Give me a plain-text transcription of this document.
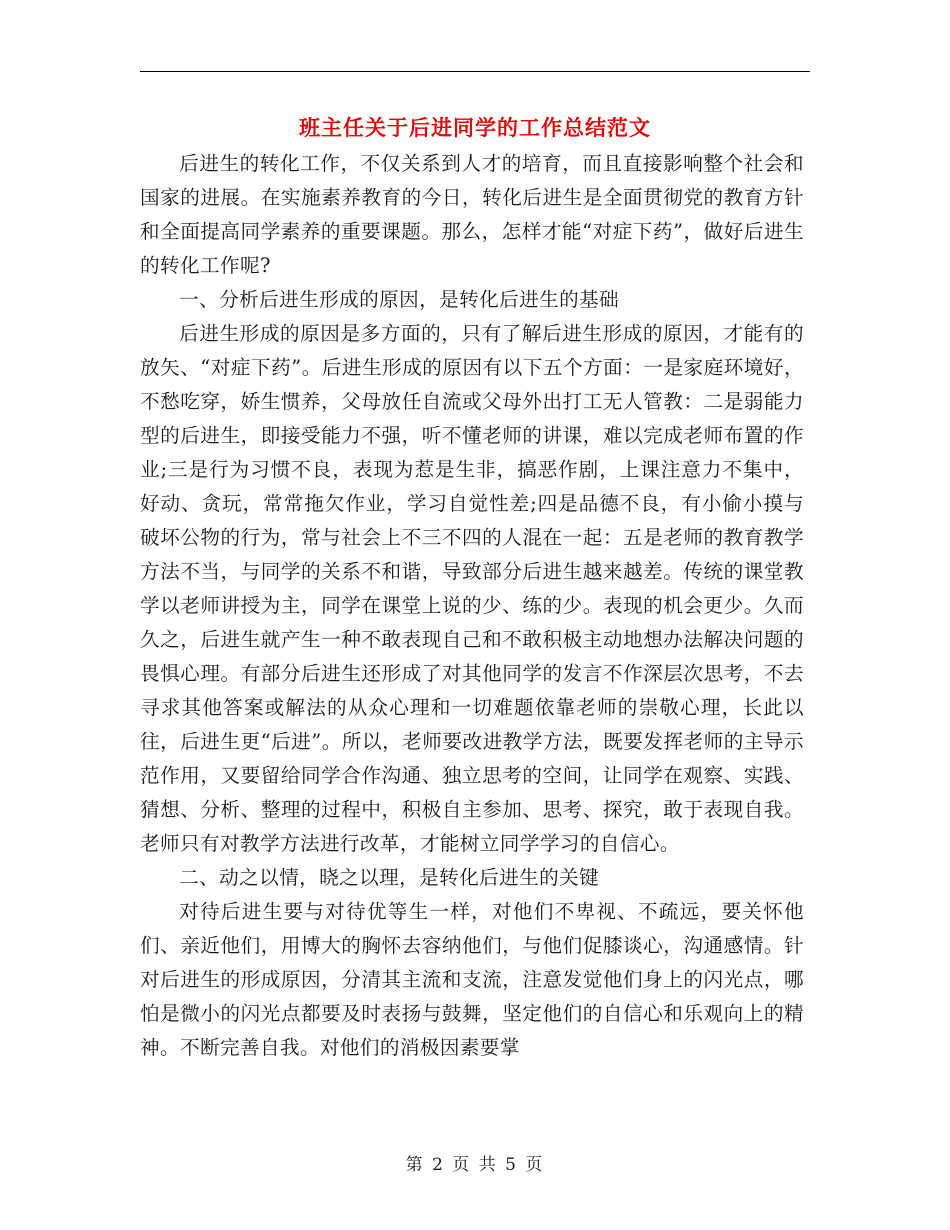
班主任关于后进同学的工作总结范文

后进生的转化工作，不仅关系到人才的培育，而且直接影响整个社会和国家的进展。在实施素养教育的今日，转化后进生是全面贯彻党的教育方针和全面提高同学素养的重要课题。那么，怎样才能“对症下药”，做好后进生的转化工作呢?

一、分析后进生形成的原因，是转化后进生的基础

后进生形成的原因是多方面的，只有了解后进生形成的原因，才能有的放矢、“对症下药”。后进生形成的原因有以下五个方面：一是家庭环境好，不愁吃穿，娇生惯养，父母放任自流或父母外出打工无人管教：二是弱能力型的后进生，即接受能力不强，听不懂老师的讲课，难以完成老师布置的作业;三是行为习惯不良，表现为惹是生非，搞恶作剧，上课注意力不集中，好动、贪玩，常常拖欠作业，学习自觉性差;四是品德不良，有小偷小摸与破坏公物的行为，常与社会上不三不四的人混在一起：五是老师的教育教学方法不当，与同学的关系不和谐，导致部分后进生越来越差。传统的课堂教学以老师讲授为主，同学在课堂上说的少、练的少。表现的机会更少。久而久之，后进生就产生一种不敢表现自己和不敢积极主动地想办法解决问题的畏惧心理。有部分后进生还形成了对其他同学的发言不作深层次思考，不去寻求其他答案或解法的从众心理和一切难题依靠老师的崇敬心理，长此以往，后进生更“后进”。所以，老师要改进教学方法，既要发挥老师的主导示范作用，又要留给同学合作沟通、独立思考的空间，让同学在观察、实践、猜想、分析、整理的过程中，积极自主参加、思考、探究，敢于表现自我。老师只有对教学方法进行改革，才能树立同学学习的自信心。

二、动之以情，晓之以理，是转化后进生的关键

对待后进生要与对待优等生一样，对他们不卑视、不疏远，要关怀他们、亲近他们，用博大的胸怀去容纳他们，与他们促膝谈心，沟通感情。针对后进生的形成原因，分清其主流和支流，注意发觉他们身上的闪光点，哪怕是微小的闪光点都要及时表扬与鼓舞，坚定他们的自信心和乐观向上的精神。不断完善自我。对他们的消极因素要掌

第 2 页 共 5 页
